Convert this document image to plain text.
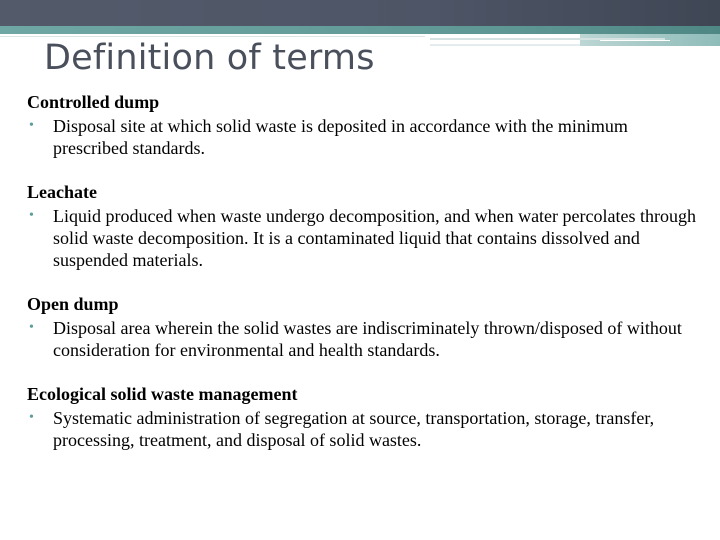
Definition of terms

Controlled dump

• Disposal site at which solid waste is deposited in accordance with the minimum prescribed standards.

Leachate

• Liquid produced when waste undergo decomposition, and when water percolates through solid waste decomposition. It is a contaminated liquid that contains dissolved and suspended materials.

Open dump

• Disposal area wherein the solid wastes are indiscriminately thrown/disposed of without consideration for environmental and health standards.

Ecological solid waste management

• Systematic administration of segregation at source, transportation, storage, transfer, processing, treatment, and disposal of solid wastes.
